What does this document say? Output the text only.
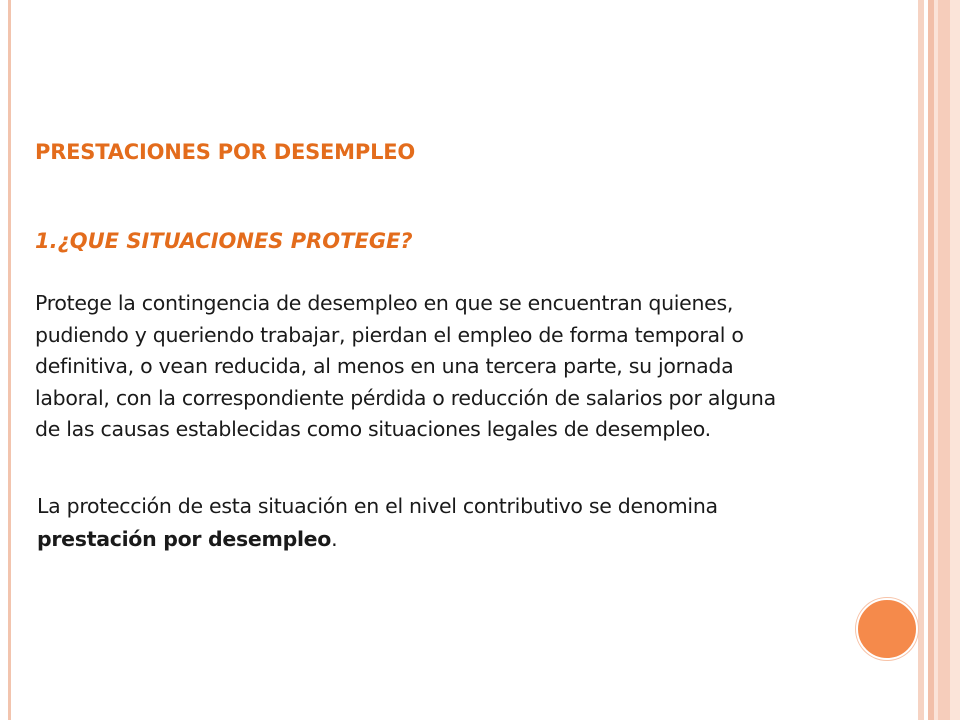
PRESTACIONES POR DESEMPLEO
1.¿QUE SITUACIONES PROTEGE?

Protege la contingencia de desempleo en que se encuentran quienes,
pudiendo y queriendo trabajar, pierdan el empleo de forma temporal o
definitiva, o vean reducida, al menos en una tercera parte, su jornada
laboral, con la correspondiente pérdida o reducción de salarios por alguna
de las causas establecidas como situaciones legales de desempleo.

La protección de esta situación en el nivel contributivo se denomina
prestación por desempleo.
